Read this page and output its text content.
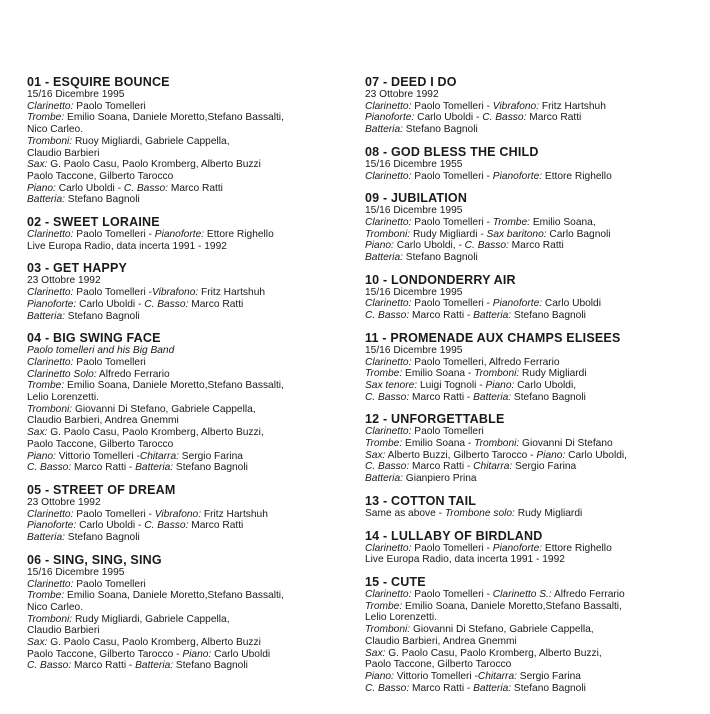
01 - ESQUIRE BOUNCE
15/16 Dicembre 1995
Clarinetto: Paolo Tomelleri
Trombe: Emilio Soana, Daniele Moretto,Stefano Bassalti,
Nico Carleo.
Tromboni: Ruoy Migliardi, Gabriele Cappella,
Claudio Barbieri
Sax: G. Paolo Casu, Paolo Kromberg, Alberto Buzzi
Paolo Taccone, Gilberto Tarocco
Piano: Carlo Uboldi - C. Basso: Marco Ratti
Batteria: Stefano Bagnoli
02 - SWEET LORAINE
Clarinetto: Paolo Tomelleri - Pianoforte: Ettore Righello
Live Europa Radio, data incerta 1991 - 1992
03 - GET HAPPY
23 Ottobre 1992
Clarinetto: Paolo Tomelleri -Vibrafono: Fritz Hartshuh
Pianoforte: Carlo Uboldi - C. Basso: Marco Ratti
Batteria: Stefano Bagnoli
04 - BIG SWING FACE
Paolo tomelleri and his Big Band
Clarinetto: Paolo Tomelleri
Clarinetto Solo: Alfredo Ferrario
Trombe: Emilio Soana, Daniele Moretto,Stefano Bassalti,
Lelio Lorenzetti.
Tromboni: Giovanni Di Stefano, Gabriele Cappella,
Claudio Barbieri, Andrea Gnemmi
Sax: G. Paolo Casu, Paolo Kromberg, Alberto Buzzi,
Paolo Taccone, Gilberto Tarocco
Piano: Vittorio Tomelleri -Chitarra: Sergio Farina
C. Basso: Marco Ratti - Batteria: Stefano Bagnoli
05 - STREET OF DREAM
23 Ottobre 1992
Clarinetto: Paolo Tomelleri - Vibrafono: Fritz Hartshuh
Pianoforte: Carlo Uboldi - C. Basso: Marco Ratti
Batteria: Stefano Bagnoli
06 - SING, SING, SING
15/16 Dicembre 1995
Clarinetto: Paolo Tomelleri
Trombe: Emilio Soana, Daniele Moretto,Stefano Bassalti,
Nico Carleo.
Tromboni: Rudy Migliardi, Gabriele Cappella,
Claudio Barbieri
Sax: G. Paolo Casu, Paolo Kromberg, Alberto Buzzi
Paolo Taccone, Gilberto Tarocco - Piano: Carlo Uboldi
C. Basso: Marco Ratti - Batteria: Stefano Bagnoli
07 - DEED I DO
23 Ottobre 1992
Clarinetto: Paolo Tomelleri - Vibrafono: Fritz Hartshuh
Pianoforte: Carlo Uboldi - C. Basso: Marco Ratti
Batteria: Stefano Bagnoli
08 - GOD BLESS THE CHILD
15/16 Dicembre 1955
Clarinetto: Paolo Tomelleri - Pianoforte: Ettore Righello
09 - JUBILATION
15/16 Dicembre 1995
Clarinetto: Paolo Tomelleri - Trombe: Emilio Soana,
Tromboni: Rudy Migliardi - Sax baritono: Carlo Bagnoli
Piano: Carlo Uboldi, - C. Basso: Marco Ratti
Batteria: Stefano Bagnoli
10 - LONDONDERRY AIR
15/16 Dicembre 1995
Clarinetto: Paolo Tomelleri - Pianoforte: Carlo Uboldi
C. Basso: Marco Ratti - Batteria: Stefano Bagnoli
11 - PROMENADE AUX CHAMPS ELISEES
15/16 Dicembre 1995
Clarinetto: Paolo Tomelleri, Alfredo Ferrario
Trombe: Emilio Soana - Tromboni: Rudy Migliardi
Sax tenore: Luigi Tognoli - Piano: Carlo Uboldi,
C. Basso: Marco Ratti - Batteria: Stefano Bagnoli
12 - UNFORGETTABLE
Clarinetto: Paolo Tomelleri
Trombe: Emilio Soana - Tromboni: Giovanni Di Stefano
Sax: Alberto Buzzi, Gilberto Tarocco - Piano: Carlo Uboldi,
C. Basso: Marco Ratti - Chitarra: Sergio Farina
Batteria: Gianpiero Prina
13 - COTTON TAIL
Same as above - Trombone solo: Rudy Migliardi
14 - LULLABY OF BIRDLAND
Clarinetto: Paolo Tomelleri - Pianoforte: Ettore Righello
Live Europa Radio, data incerta 1991 - 1992
15 - CUTE
Clarinetto: Paolo Tomelleri - Clarinetto S.: Alfredo Ferrario
Trombe: Emilio Soana, Daniele Moretto,Stefano Bassalti,
Lelio Lorenzetti.
Tromboni: Giovanni Di Stefano, Gabriele Cappella,
Claudio Barbieri, Andrea Gnemmi
Sax: G. Paolo Casu, Paolo Kromberg, Alberto Buzzi,
Paolo Taccone, Gilberto Tarocco
Piano: Vittorio Tomelleri -Chitarra: Sergio Farina
C. Basso: Marco Ratti - Batteria: Stefano Bagnoli
